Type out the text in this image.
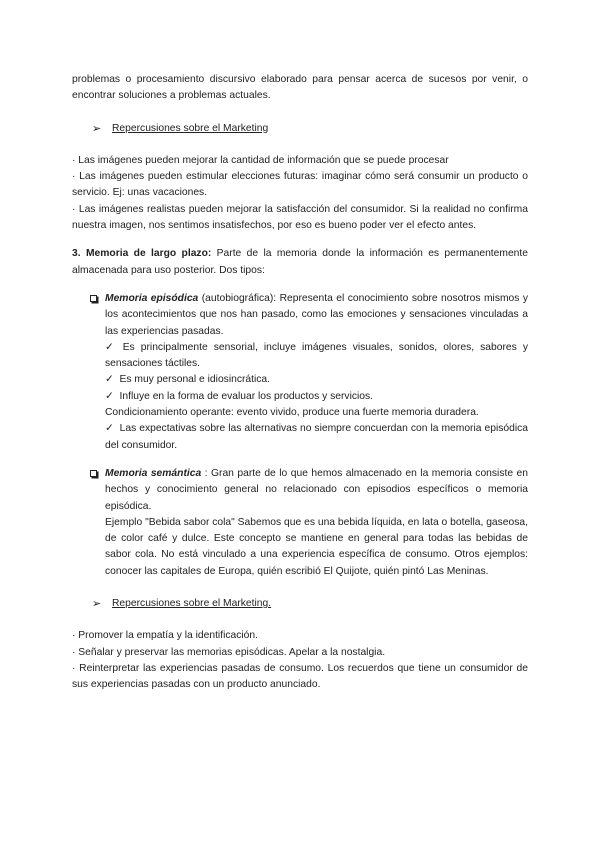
problemas o procesamiento discursivo elaborado para pensar acerca de sucesos por venir, o encontrar soluciones a problemas actuales.

➢	Repercusiones sobre el Marketing

· Las imágenes pueden mejorar la cantidad de información que se puede procesar

· Las imágenes pueden estimular elecciones futuras: imaginar cómo será consumir un producto o servicio. Ej: unas vacaciones.

· Las imágenes realistas pueden mejorar la satisfacción del consumidor. Si la realidad no confirma nuestra imagen, nos sentimos insatisfechos, por eso es bueno poder ver el efecto antes.

3. Memoria de largo plazo: Parte de la memoria donde la información es permanentemente almacenada para uso posterior. Dos tipos:

Memoria episódica (autobiográfica): Representa el conocimiento sobre nosotros mismos y los acontecimientos que nos han pasado, como las emociones y sensaciones vinculadas a las experiencias pasadas.

✓ Es principalmente sensorial, incluye imágenes visuales, sonidos, olores, sabores y sensaciones táctiles.

✓ Es muy personal e idiosincrática.

✓ Influye en la forma de evaluar los productos y servicios.

Condicionamiento operante: evento vivido, produce una fuerte memoria duradera.

✓ Las expectativas sobre las alternativas no siempre concuerdan con la memoria episódica del consumidor.

Memoria semántica : Gran parte de lo que hemos almacenado en la memoria consiste en hechos y conocimiento general no relacionado con episodios específicos o memoria episódica.

Ejemplo "Bebida sabor cola" Sabemos que es una bebida líquida, en lata o botella, gaseosa, de color café y dulce. Este concepto se mantiene en general para todas las bebidas de sabor cola. No está vinculado a una experiencia específica de consumo. Otros ejemplos: conocer las capitales de Europa, quién escribió El Quijote, quién pintó Las Meninas.

➢	Repercusiones sobre el Marketing.

· Promover la empatía y la identificación.

· Señalar y preservar las memorias episódicas. Apelar a la nostalgia.

· Reinterpretar las experiencias pasadas de consumo. Los recuerdos que tiene un consumidor de sus experiencias pasadas con un producto anunciado.
